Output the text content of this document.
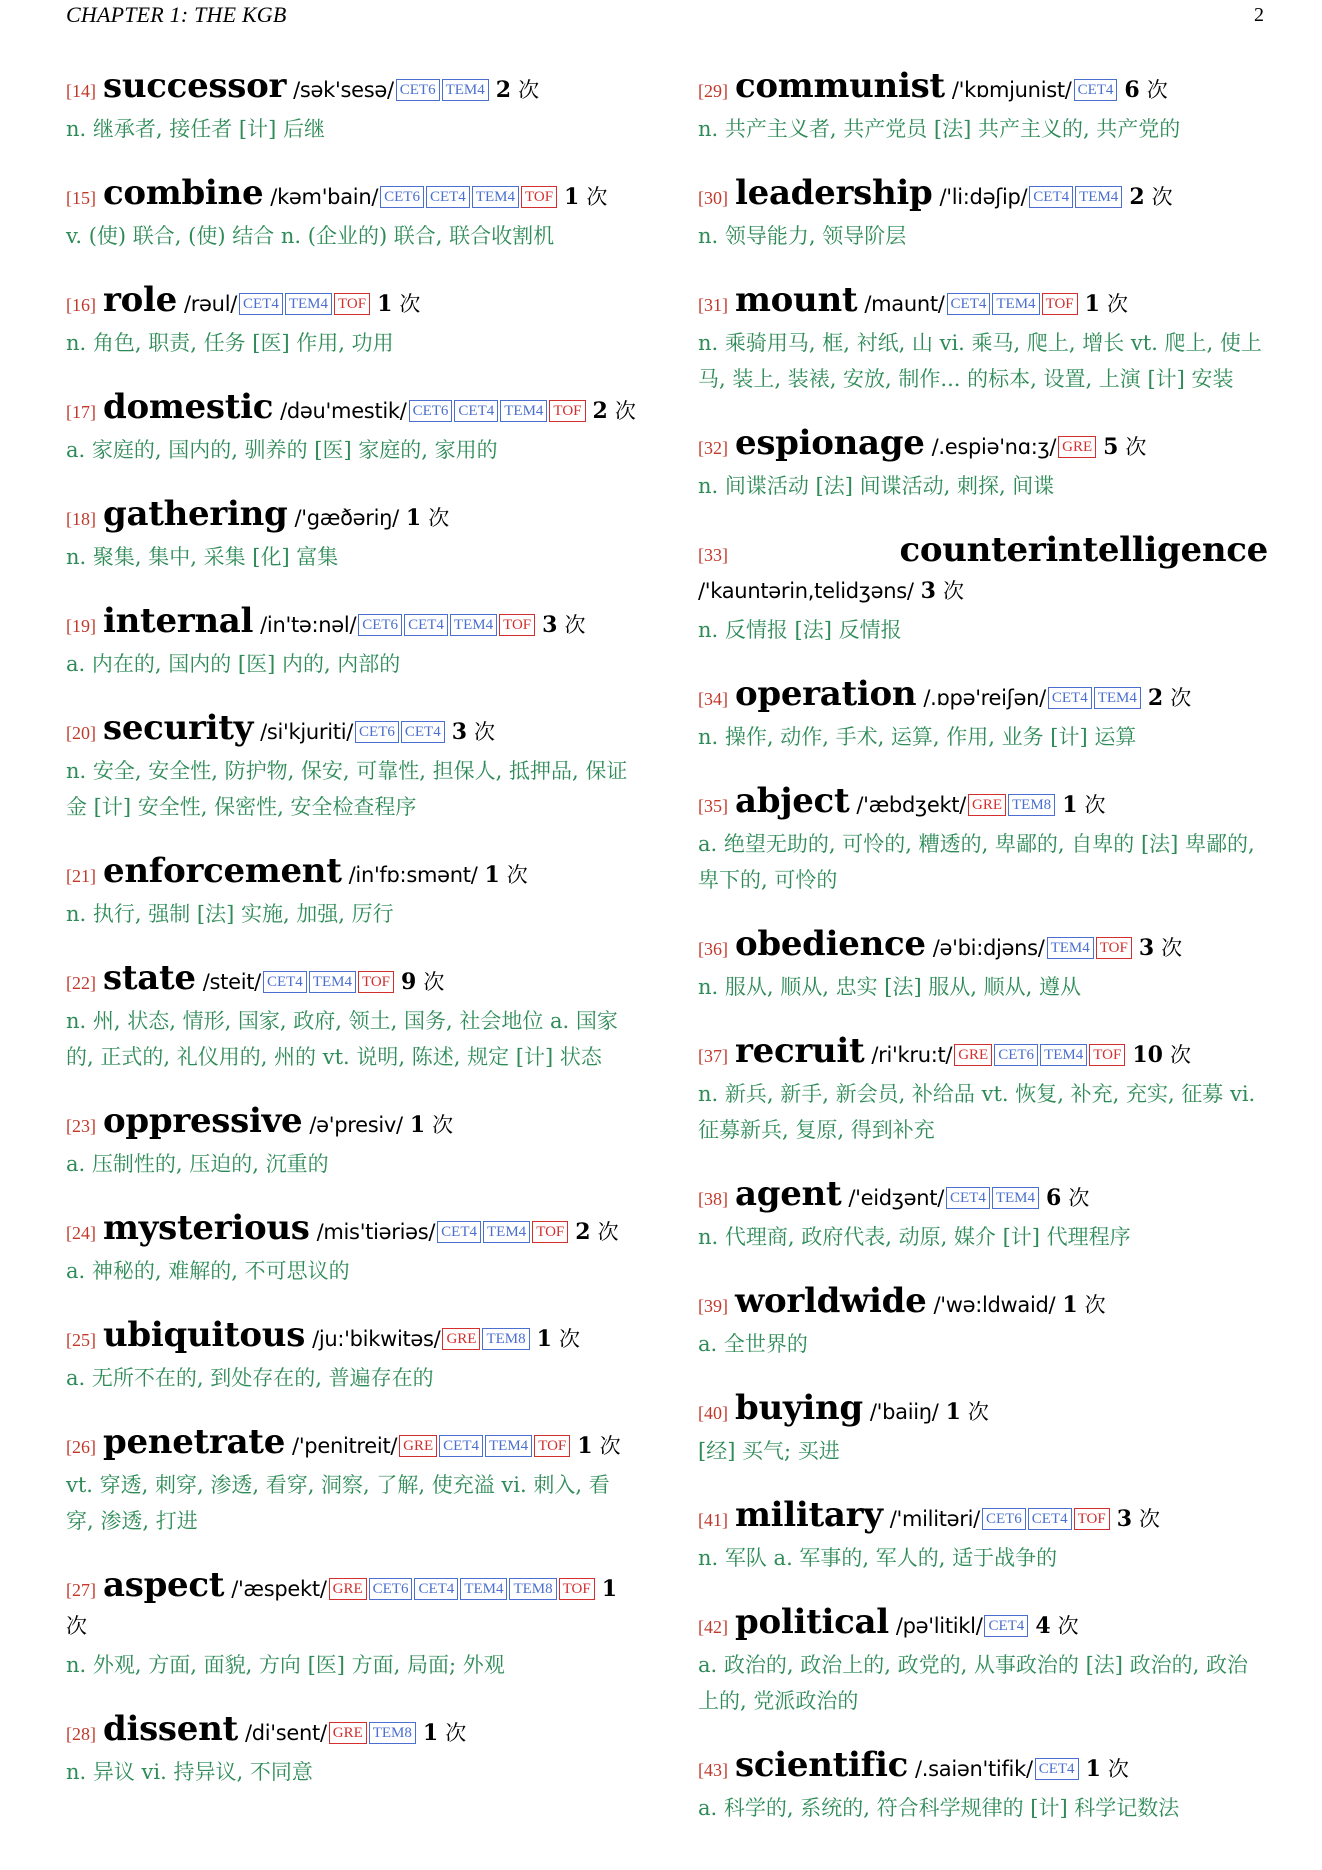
CHAPTER 1: THE KGB	2
[14] successor /sək'sesə/ CET6 TEM4 2 次
n. 继承者, 接任者 [计] 后继
[15] combine /kəm'bain/ CET6 CET4 TEM4 TOF 1 次
v. (使) 联合, (使) 结合 n. (企业的) 联合, 联合收割机
[16] role /rəul/ CET4 TEM4 TOF 1 次
n. 角色, 职责, 任务 [医] 作用, 功用
[17] domestic /dəu'mestik/ CET6 CET4 TEM4 TOF 2 次
a. 家庭的, 国内的, 驯养的 [医] 家庭的, 家用的
[18] gathering /'gæðəriŋ/ 1 次
n. 聚集, 集中, 采集 [化] 富集
[19] internal /in'tə:nəl/ CET6 CET4 TEM4 TOF 3 次
a. 内在的, 国内的 [医] 内的, 内部的
[20] security /si'kjuriti/ CET6 CET4 3 次
n. 安全, 安全性, 防护物, 保安, 可靠性, 担保人, 抵押品, 保证金 [计] 安全性, 保密性, 安全检查程序
[21] enforcement /in'fɒ:smənt/ 1 次
n. 执行, 强制 [法] 实施, 加强, 厉行
[22] state /steit/ CET4 TEM4 TOF 9 次
n. 州, 状态, 情形, 国家, 政府, 领土, 国务, 社会地位 a. 国家的, 正式的, 礼仪用的, 州的 vt. 说明, 陈述, 规定 [计] 状态
[23] oppressive /ə'presiv/ 1 次
a. 压制性的, 压迫的, 沉重的
[24] mysterious /mis'tiəriəs/ CET4 TEM4 TOF 2 次
a. 神秘的, 难解的, 不可思议的
[25] ubiquitous /ju:'bikwitəs/ GRE TEM8 1 次
a. 无所不在的, 到处存在的, 普遍存在的
[26] penetrate /'penitreit/ GRE CET4 TEM4 TOF 1 次
vt. 穿透, 刺穿, 渗透, 看穿, 洞察, 了解, 使充溢 vi. 刺入, 看穿, 渗透, 打进
[27] aspect /'æspekt/ GRE CET6 CET4 TEM4 TEM8 TOF 1 次
n. 外观, 方面, 面貌, 方向 [医] 方面, 局面; 外观
[28] dissent /di'sent/ GRE TEM8 1 次
n. 异议 vi. 持异议, 不同意
[29] communist /'kɒmjunist/ CET4 6 次
n. 共产主义者, 共产党员 [法] 共产主义的, 共产党的
[30] leadership /'li:dəʃip/ CET4 TEM4 2 次
n. 领导能力, 领导阶层
[31] mount /maunt/ CET4 TEM4 TOF 1 次
n. 乘骑用马, 框, 衬纸, 山 vi. 乘马, 爬上, 增长 vt. 爬上, 使上马, 装上, 装裱, 安放, 制作... 的标本, 设置, 上演 [计] 安装
[32] espionage /.espiə'nɑ:ʒ/ GRE 5 次
n. 间谍活动 [法] 间谍活动, 刺探, 间谍
[33]	counterintelligence
/'kauntərin,telidʒəns/ 3 次
n. 反情报 [法] 反情报
[34] operation /.ɒpə'reiʃən/ CET4 TEM4 2 次
n. 操作, 动作, 手术, 运算, 作用, 业务 [计] 运算
[35] abject /'æbdʒekt/ GRE TEM8 1 次
a. 绝望无助的, 可怜的, 糟透的, 卑鄙的, 自卑的 [法] 卑鄙的, 卑下的, 可怜的
[36] obedience /ə'bi:djəns/ TEM4 TOF 3 次
n. 服从, 顺从, 忠实 [法] 服从, 顺从, 遵从
[37] recruit /ri'kru:t/ GRE CET6 TEM4 TOF 10 次
n. 新兵, 新手, 新会员, 补给品 vt. 恢复, 补充, 充实, 征募 vi. 征募新兵, 复原, 得到补充
[38] agent /'eidʒənt/ CET4 TEM4 6 次
n. 代理商, 政府代表, 动原, 媒介 [计] 代理程序
[39] worldwide /'wə:ldwaid/ 1 次
a. 全世界的
[40] buying /'baiiŋ/ 1 次
[经] 买气; 买进
[41] military /'militəri/ CET6 CET4 TOF 3 次
n. 军队 a. 军事的, 军人的, 适于战争的
[42] political /pə'litikl/ CET4 4 次
a. 政治的, 政治上的, 政党的, 从事政治的 [法] 政治的, 政治上的, 党派政治的
[43] scientific /.saiən'tifik/ CET4 1 次
a. 科学的, 系统的, 符合科学规律的 [计] 科学记数法
